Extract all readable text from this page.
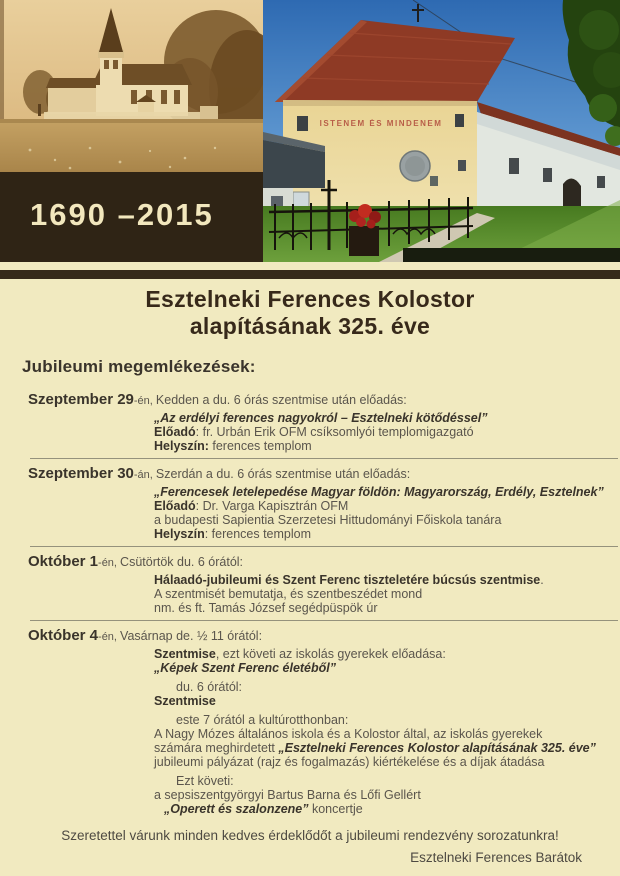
1690 –2015
ISTENEM ÉS MINDENEM
Esztelneki Ferences Kolostor
alapításának 325. éve
Jubileumi megemlékezések:
Szeptember 29-én, Kedden a du. 6 órás szentmise után előadás:
„Az erdélyi ferences nagyokról – Esztelneki kötődéssel”
Előadó: fr. Urbán Erik OFM csíksomlyói templomigazgató
Helyszín: ferences templom
Szeptember 30-án, Szerdán a du. 6 órás szentmise után előadás:
„Ferencesek letelepedése Magyar földön: Magyarország, Erdély, Esztelnek”
Előadó: Dr. Varga Kapisztrán OFM
a budapesti Sapientia Szerzetesi Hittudományi Főiskola tanára
Helyszín: ferences templom
Október 1-én, Csütörtök du. 6 órától:
Hálaadó-jubileumi és Szent Ferenc tiszteletére búcsús szentmise.
A szentmisét bemutatja, és szentbeszédet mond
nm. és ft. Tamás József segédpüspök úr
Október 4-én, Vasárnap de. ½ 11 órától:
Szentmise, ezt követi az iskolás gyerekek előadása:
„Képek Szent Ferenc életéből”
du. 6 órától:
Szentmise
este 7 órától a kultúrotthonban:
A Nagy Mózes általános iskola és a Kolostor által, az iskolás gyerekek
számára meghirdetett „Esztelneki Ferences Kolostor alapításának 325. éve”
jubileumi pályázat (rajz és fogalmazás) kiértékelése és a díjak átadása
Ezt követi:
a sepsiszentgyörgyi Bartus Barna és Lőfi Gellért
„Operett és szalonzene” koncertje

Szeretettel várunk minden kedves érdeklődőt a jubileumi rendezvény sorozatunkra!

Esztelneki Ferences Barátok
